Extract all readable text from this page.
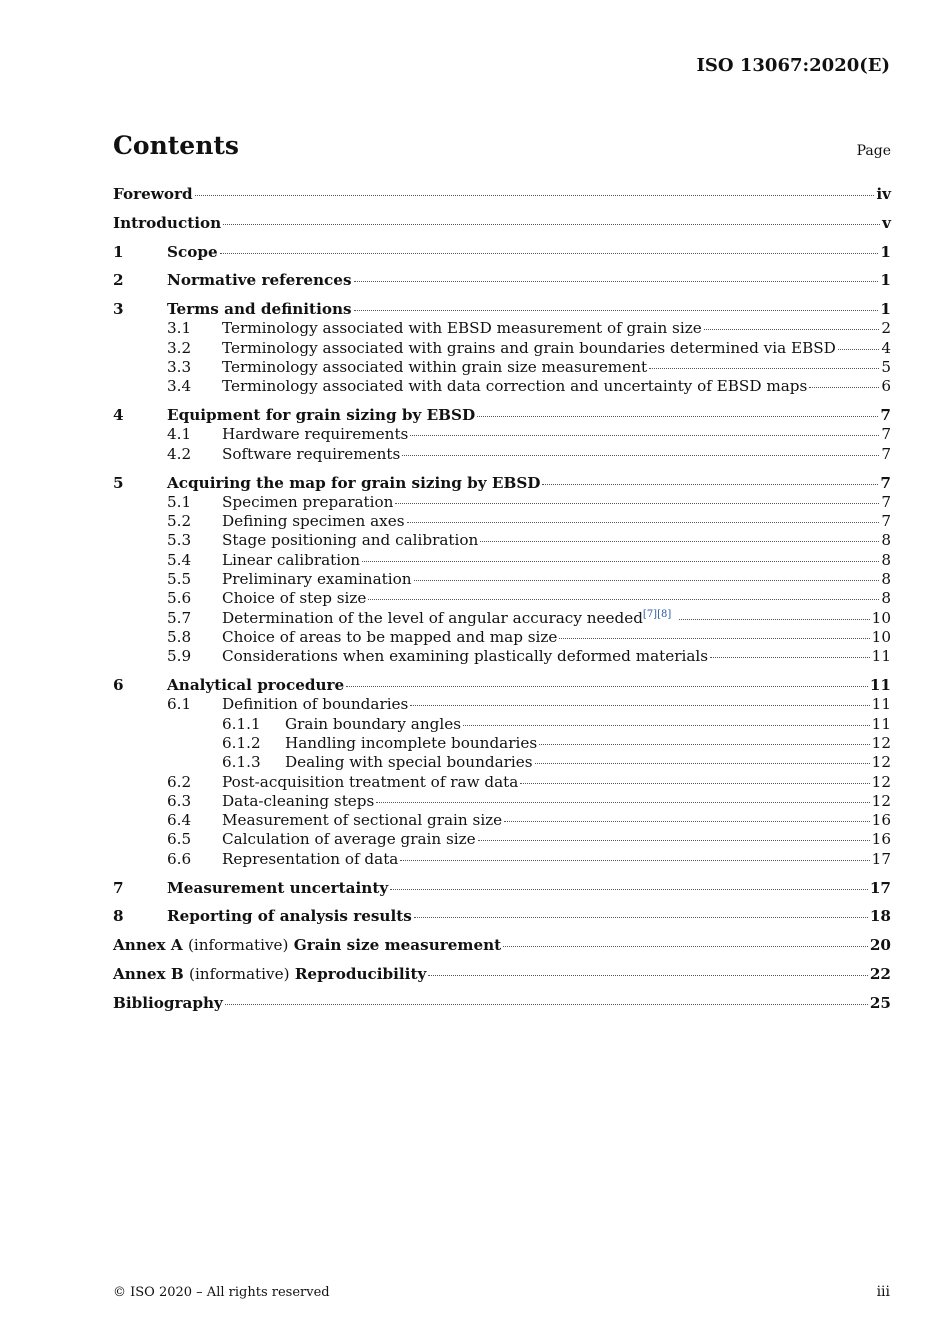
ISO 13067:2020(E)
Contents	Page
Foreword	iv
Introduction	v
1	Scope	1
2	Normative references	1
3	Terms and definitions	1
3.1	Terminology associated with EBSD measurement of grain size	2
3.2	Terminology associated with grains and grain boundaries determined via EBSD	4
3.3	Terminology associated within grain size measurement	5
3.4	Terminology associated with data correction and uncertainty of EBSD maps	6
4	Equipment for grain sizing by EBSD	7
4.1	Hardware requirements	7
4.2	Software requirements	7
5	Acquiring the map for grain sizing by EBSD	7
5.1	Specimen preparation	7
5.2	Defining specimen axes	7
5.3	Stage positioning and calibration	8
5.4	Linear calibration	8
5.5	Preliminary examination	8
5.6	Choice of step size	8
5.7	Determination of the level of angular accuracy needed[7][8]	10
5.8	Choice of areas to be mapped and map size	10
5.9	Considerations when examining plastically deformed materials	11
6	Analytical procedure	11
6.1	Definition of boundaries	11
6.1.1	Grain boundary angles	11
6.1.2	Handling incomplete boundaries	12
6.1.3	Dealing with special boundaries	12
6.2	Post-acquisition treatment of raw data	12
6.3	Data-cleaning steps	12
6.4	Measurement of sectional grain size	16
6.5	Calculation of average grain size	16
6.6	Representation of data	17
7	Measurement uncertainty	17
8	Reporting of analysis results	18
Annex A (informative) Grain size measurement	20
Annex B (informative) Reproducibility	22
Bibliography	25
© ISO 2020 – All rights reserved	iii
